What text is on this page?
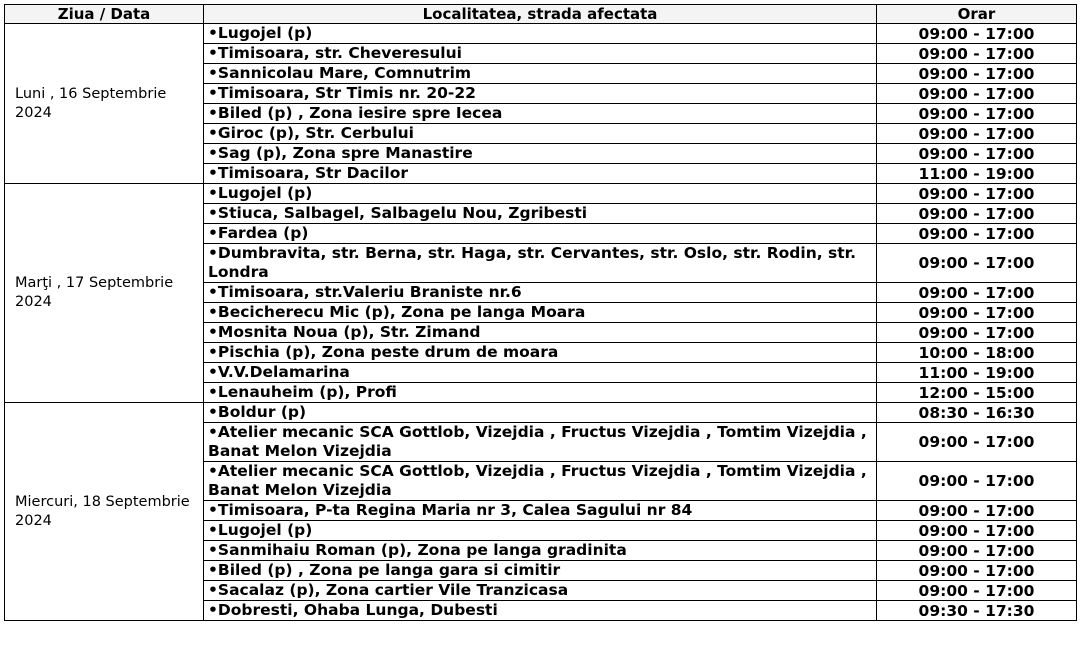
Ziua / Data	Localitatea, strada afectata	Orar
Luni , 16 Septembrie 2024	•Lugojel (p)	09:00 - 17:00
	•Timisoara, str. Cheveresului	09:00 - 17:00
	•Sannicolau Mare, Comnutrim	09:00 - 17:00
	•Timisoara, Str Timis nr. 20-22	09:00 - 17:00
	•Biled (p) , Zona iesire spre Iecea	09:00 - 17:00
	•Giroc (p), Str. Cerbului	09:00 - 17:00
	•Sag (p), Zona spre Manastire	09:00 - 17:00
	•Timisoara, Str Dacilor	11:00 - 19:00
Marţi , 17 Septembrie 2024	•Lugojel (p)	09:00 - 17:00
	•Stiuca, Salbagel, Salbagelu Nou, Zgribesti	09:00 - 17:00
	•Fardea (p)	09:00 - 17:00
	•Dumbravita, str. Berna, str. Haga, str. Cervantes, str. Oslo, str. Rodin, str. Londra	09:00 - 17:00
	•Timisoara, str.Valeriu Braniste nr.6	09:00 - 17:00
	•Becicherecu Mic (p), Zona pe langa Moara	09:00 - 17:00
	•Mosnita Noua (p), Str. Zimand	09:00 - 17:00
	•Pischia (p), Zona peste drum de moara	10:00 - 18:00
	•V.V.Delamarina	11:00 - 19:00
	•Lenauheim (p), Profi	12:00 - 15:00
Miercuri, 18 Septembrie 2024	•Boldur (p)	08:30 - 16:30
	•Atelier mecanic SCA Gottlob, Vizejdia , Fructus Vizejdia , Tomtim Vizejdia , Banat Melon Vizejdia	09:00 - 17:00
	•Atelier mecanic SCA Gottlob, Vizejdia , Fructus Vizejdia , Tomtim Vizejdia , Banat Melon Vizejdia	09:00 - 17:00
	•Timisoara, P-ta Regina Maria nr 3, Calea Sagului nr 84	09:00 - 17:00
	•Lugojel (p)	09:00 - 17:00
	•Sanmihaiu Roman (p), Zona pe langa gradinita	09:00 - 17:00
	•Biled (p) , Zona pe langa gara si cimitir	09:00 - 17:00
	•Sacalaz (p), Zona cartier Vile Tranzicasa	09:00 - 17:00
	•Dobresti, Ohaba Lunga, Dubesti	09:30 - 17:30
